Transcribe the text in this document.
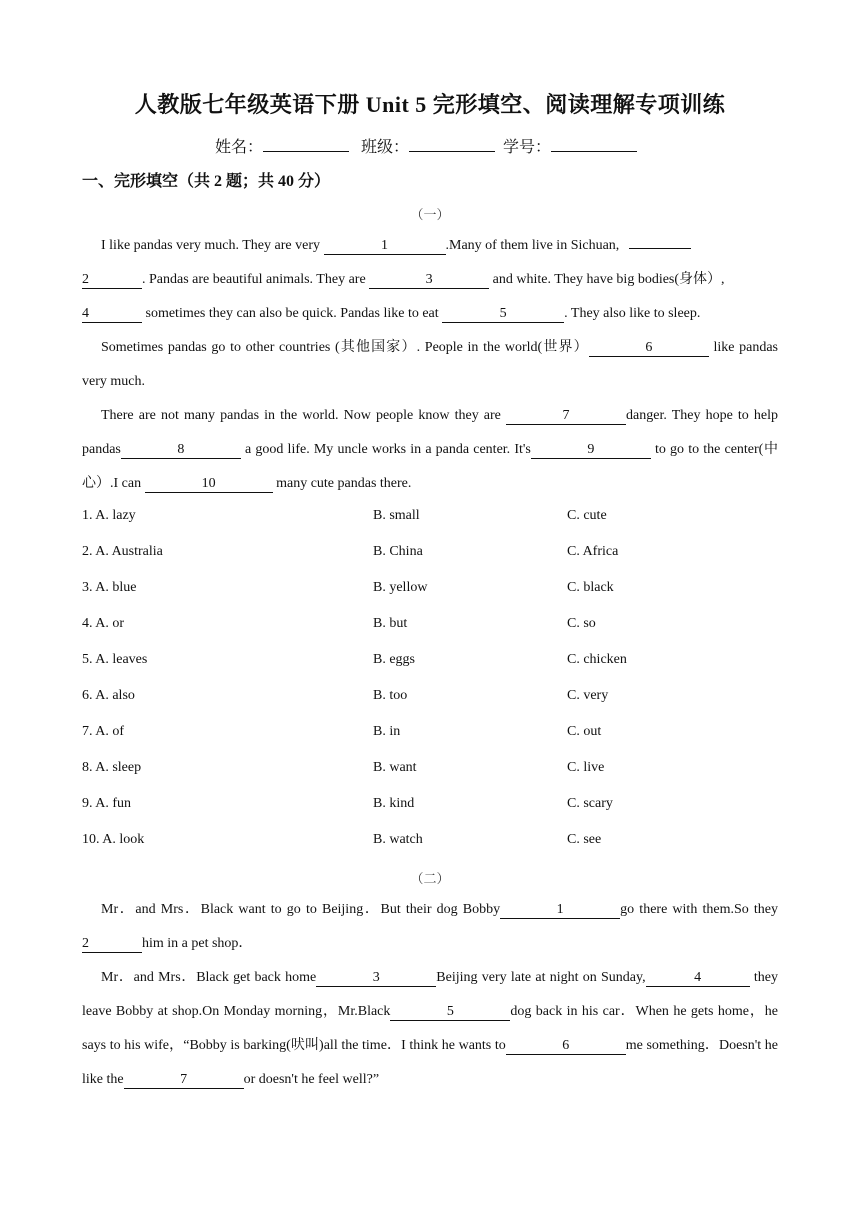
人教版七年级英语下册 Unit 5 完形填空、阅读理解专项训练
姓名：	班级：	学号：
一、完形填空（共 2 题；共 40 分）
（一）
I like pandas very much. They are very	1	.Many of them live in Sichuan,
2	. Pandas are beautiful animals. They are	3	and white. They have big bodies(身体）,
4	sometimes they can also be quick. Pandas like to eat	5	. They also like to sleep.
Sometimes pandas go to other countries (其他国家）. People in the world(世界）	6	like pandas very much.
There are not many pandas in the world. Now people know they are	7	danger. They hope to help pandas	8	a good life. My uncle works in a panda center. It's	9	to go to the center(中心）.I can	10	many cute pandas there.
1. A. lazy	B. small	C. cute
2. A. Australia	B. China	C. Africa
3. A. blue	B. yellow	C. black
4. A. or	B. but	C. so
5. A. leaves	B. eggs	C. chicken
6. A. also	B. too	C. very
7. A. of	B. in	C. out
8. A. sleep	B. want	C. live
9. A. fun	B. kind	C. scary
10. A. look	B. watch	C. see
（二）
Mr．and Mrs．Black want to go to Beijing．But their dog Bobby	1	go there with them.So they 2	him in a pet shop．
Mr．and Mrs．Black get back home	3	Beijing very late at night on Sunday,	4	they leave Bobby at shop.On Monday morning，Mr.Black	5	dog back in his car．When he gets home，he says to his wife，“Bobby is barking(吠叫)all the time．I think he wants to	6	me something．Doesn't he like the	7	or doesn't he feel well?”
